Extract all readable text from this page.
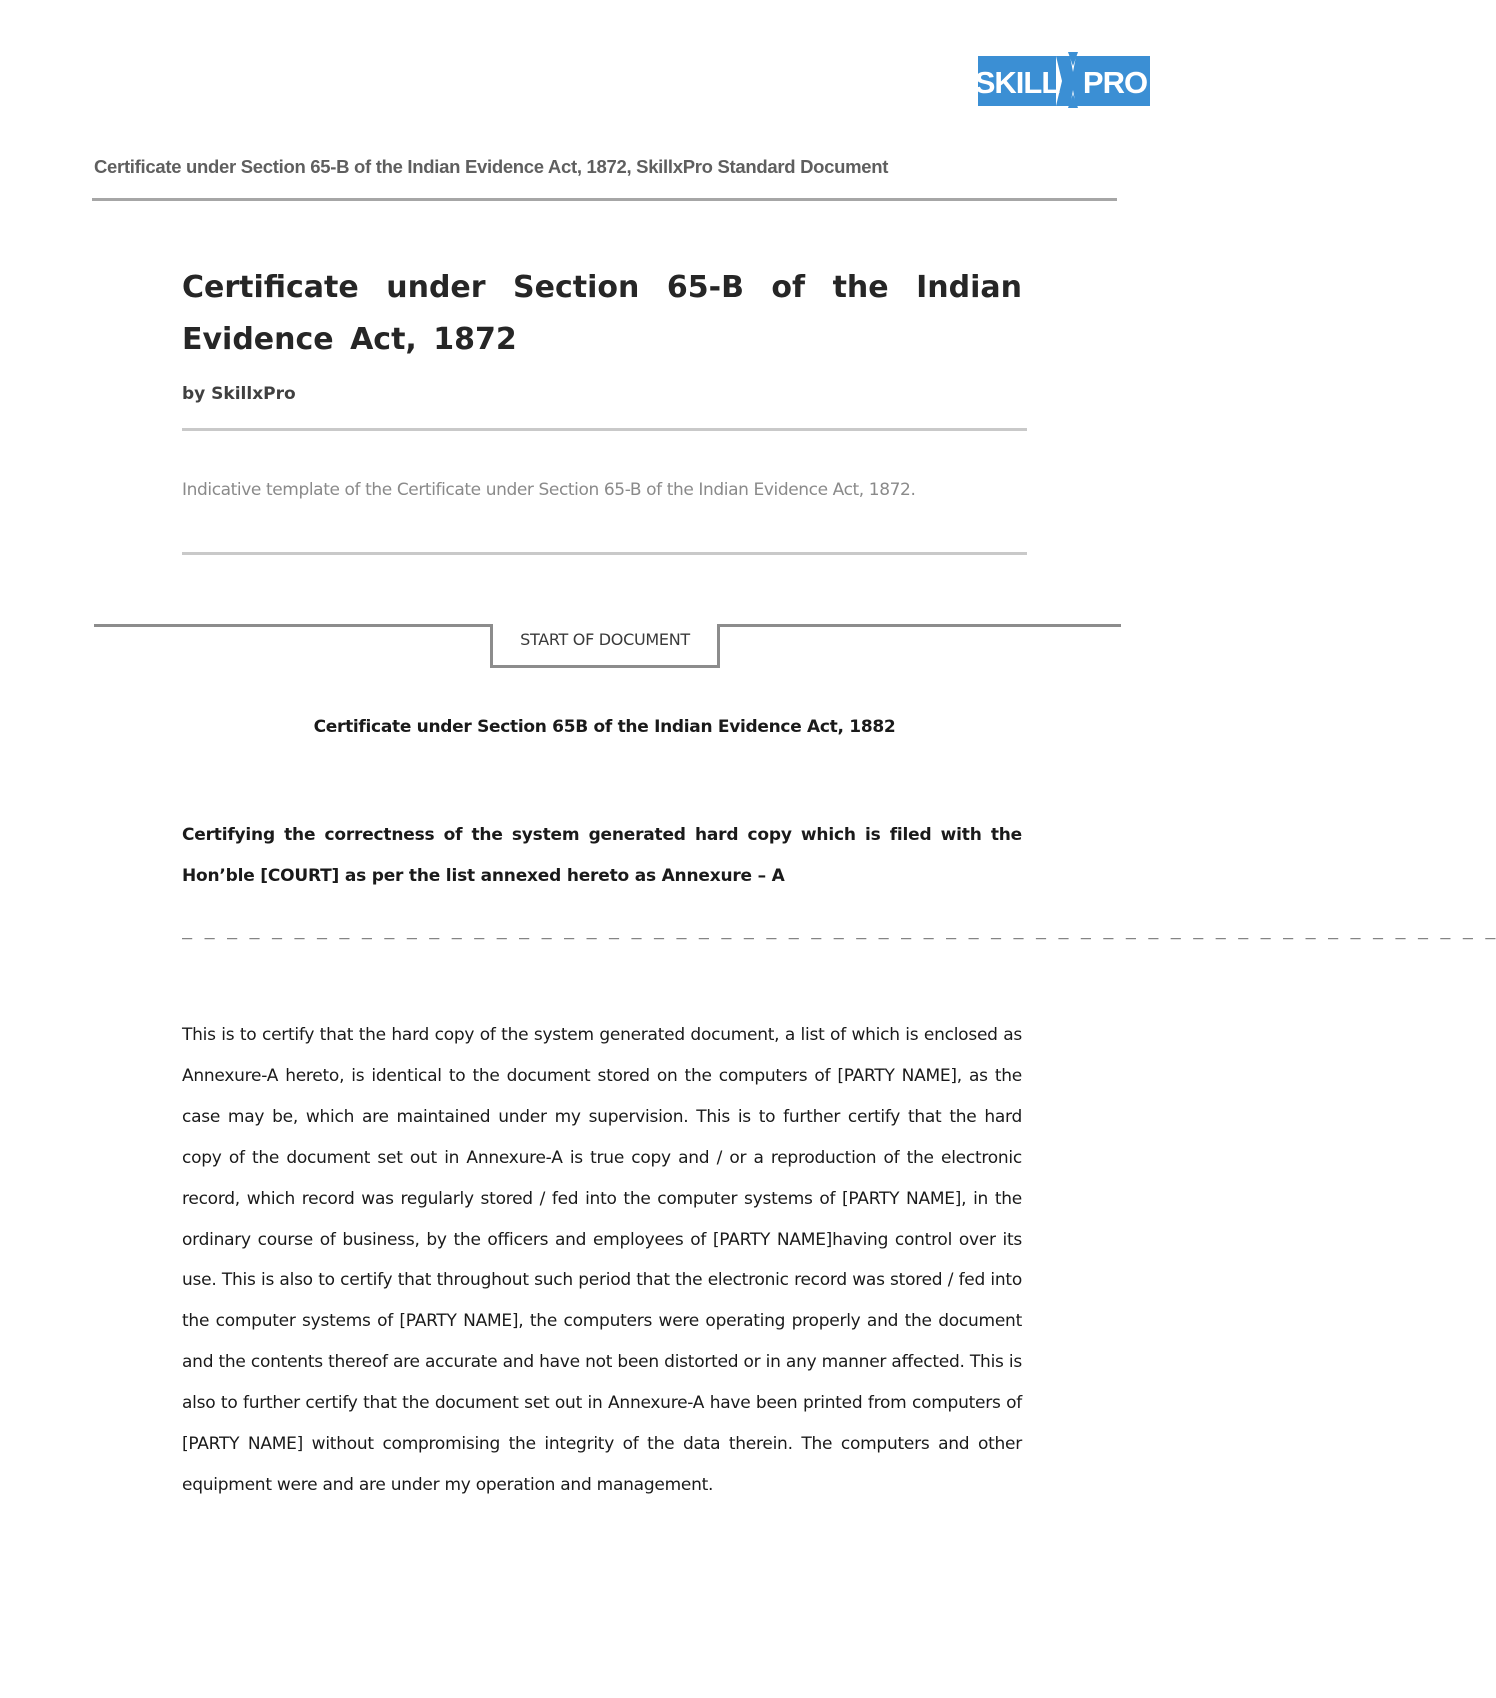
SKILL PRO
Certificate under Section 65-B of the Indian Evidence Act, 1872, SkillxPro Standard Document
Certificate under Section 65-B of the Indian Evidence Act, 1872
by SkillxPro
Indicative template of the Certificate under Section 65-B of the Indian Evidence Act, 1872.
START OF DOCUMENT
Certificate under Section 65B of the Indian Evidence Act, 1882

Certifying the correctness of the system generated hard copy which is filed with the Hon’ble [COURT] as per the list annexed hereto as Annexure – A

_ _ _ _ _ _ _ _ _ _ _ _ _ _ _ _ _ _ _ _ _ _ _ _ _ _ _ _ _ _ _ _ _ _ _ _ _ _ _ _ _ _ _ _ _ _ _ _ _ _ _ _ _ _ _ _ _ _ _

This is to certify that the hard copy of the system generated document, a list of which is enclosed as Annexure-A hereto, is identical to the document stored on the computers of [PARTY NAME], as the case may be, which are maintained under my supervision. This is to further certify that the hard copy of the document set out in Annexure-A is true copy and / or a reproduction of the electronic record, which record was regularly stored / fed into the computer systems of [PARTY NAME], in the ordinary course of business, by the officers and employees of [PARTY NAME]having control over its use. This is also to certify that throughout such period that the electronic record was stored / fed into the computer systems of [PARTY NAME], the computers were operating properly and the document and the contents thereof are accurate and have not been distorted or in any manner affected. This is also to further certify that the document set out in Annexure-A have been printed from computers of [PARTY NAME] without compromising the integrity of the data therein. The computers and other equipment were and are under my operation and management.
